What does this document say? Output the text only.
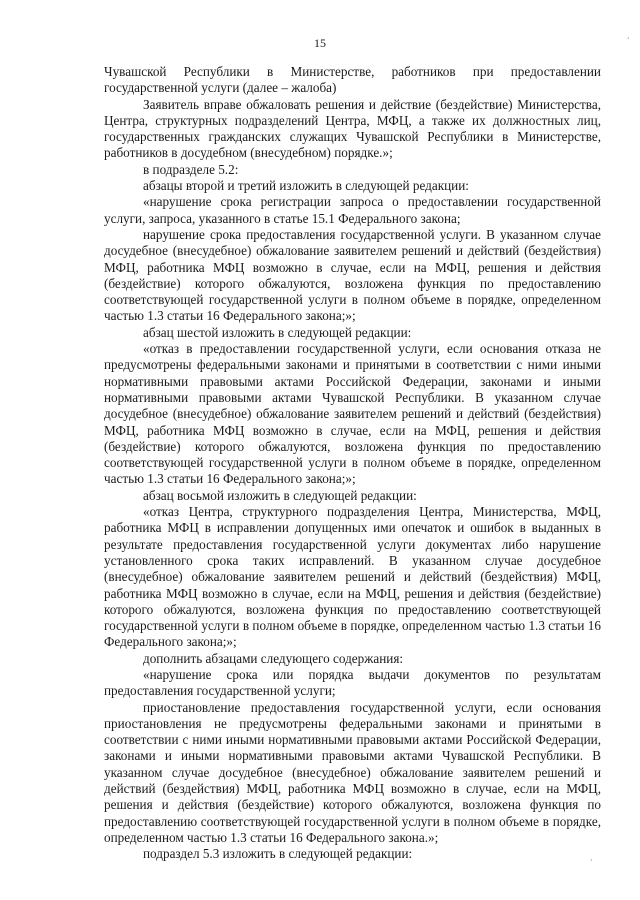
15

Чувашской Республики в Министерстве, работников при предоставлении государственной услуги (далее – жалоба)

Заявитель вправе обжаловать решения и действие (бездействие) Министерства, Центра, структурных подразделений Центра, МФЦ, а также их должностных лиц, государственных гражданских служащих Чувашской Республики в Министерстве, работников в досудебном (внесудебном) порядке.»;

в подразделе 5.2:

абзацы второй и третий изложить в следующей редакции:

«нарушение срока регистрации запроса о предоставлении государственной услуги, запроса, указанного в статье 15.1 Федерального закона;

нарушение срока предоставления государственной услуги. В указанном случае досудебное (внесудебное) обжалование заявителем решений и действий (бездействия) МФЦ, работника МФЦ возможно в случае, если на МФЦ, решения и действия (бездействие) которого обжалуются, возложена функция по предоставлению соответствующей государственной услуги в полном объеме в порядке, определенном частью 1.3 статьи 16 Федерального закона;»;

абзац шестой изложить в следующей редакции:

«отказ в предоставлении государственной услуги, если основания отказа не предусмотрены федеральными законами и принятыми в соответствии с ними иными нормативными правовыми актами Российской Федерации, законами и иными нормативными правовыми актами Чувашской Республики. В указанном случае досудебное (внесудебное) обжалование заявителем решений и действий (бездействия) МФЦ, работника МФЦ возможно в случае, если на МФЦ, решения и действия (бездействие) которого обжалуются, возложена функция по предоставлению соответствующей государственной услуги в полном объеме в порядке, определенном частью 1.3 статьи 16 Федерального закона;»;

абзац восьмой изложить в следующей редакции:

«отказ Центра, структурного подразделения Центра, Министерства, МФЦ, работника МФЦ в исправлении допущенных ими опечаток и ошибок в выданных в результате предоставления государственной услуги документах либо нарушение установленного срока таких исправлений. В указанном случае досудебное (внесудебное) обжалование заявителем решений и действий (бездействия) МФЦ, работника МФЦ возможно в случае, если на МФЦ, решения и действия (бездействие) которого обжалуются, возложена функция по предоставлению соответствующей государственной услуги в полном объеме в порядке, определенном частью 1.3 статьи 16 Федерального закона;»;

дополнить абзацами следующего содержания:

«нарушение срока или порядка выдачи документов по результатам предоставления государственной услуги;

приостановление предоставления государственной услуги, если основания приостановления не предусмотрены федеральными законами и принятыми в соответствии с ними иными нормативными правовыми актами Российской Федерации, законами и иными нормативными правовыми актами Чувашской Республики. В указанном случае досудебное (внесудебное) обжалование заявителем решений и действий (бездействия) МФЦ, работника МФЦ возможно в случае, если на МФЦ, решения и действия (бездействие) которого обжалуются, возложена функция по предоставлению соответствующей государственной услуги в полном объеме в порядке, определенном частью 1.3 статьи 16 Федерального закона.»;

подраздел 5.3 изложить в следующей редакции:

·
·
